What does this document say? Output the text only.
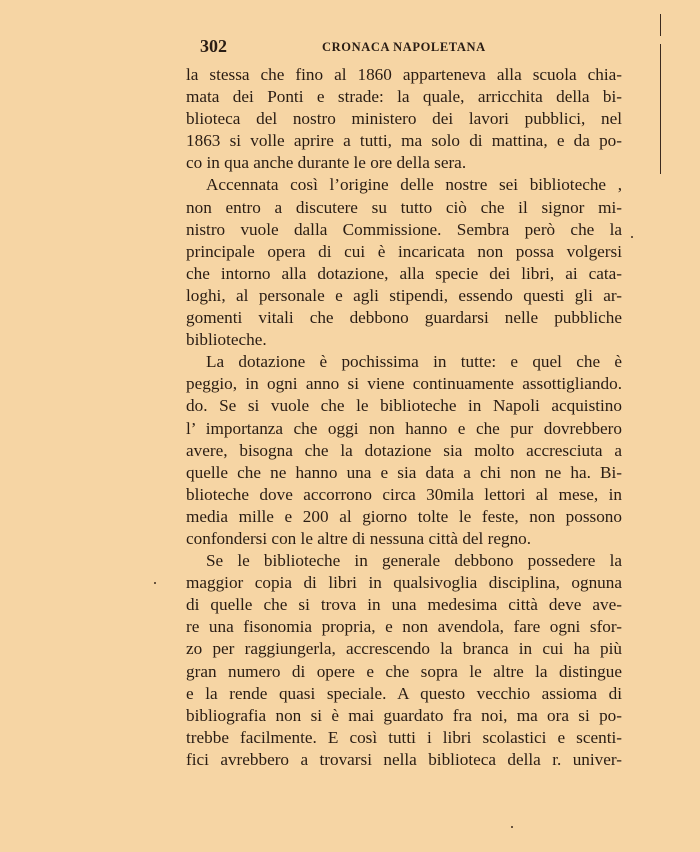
302	CRONACA NAPOLETANA
la stessa che fino al 1860 apparteneva alla scuola chia-
mata dei Ponti e strade: la quale, arricchita della bi-
blioteca del nostro ministero dei lavori pubblici, nel
1863 si volle aprire a tutti, ma solo di mattina, e da po-
co in qua anche durante le ore della sera.
Accennata così l’origine delle nostre sei biblioteche ,
non entro a discutere su tutto ciò che il signor mi-
nistro vuole dalla Commissione. Sembra però che la
principale opera di cui è incaricata non possa volgersi
che intorno alla dotazione, alla specie dei libri, ai cata-
loghi, al personale e agli stipendi, essendo questi gli ar-
gomenti vitali che debbono guardarsi nelle pubbliche
biblioteche.
La dotazione è pochissima in tutte: e quel che è
peggio, in ogni anno si viene continuamente assottigliando.
do. Se si vuole che le biblioteche in Napoli acquistino
l’ importanza che oggi non hanno e che pur dovrebbero
avere, bisogna che la dotazione sia molto accresciuta a
quelle che ne hanno una e sia data a chi non ne ha. Bi-
blioteche dove accorrono circa 30mila lettori al mese, in
media mille e 200 al giorno tolte le feste, non possono
confondersi con le altre di nessuna città del regno.
Se le biblioteche in generale debbono possedere la
maggior copia di libri in qualsivoglia disciplina, ognuna
di quelle che si trova in una medesima città deve ave-
re una fisonomia propria, e non avendola, fare ogni sfor-
zo per raggiungerla, accrescendo la branca in cui ha più
gran numero di opere e che sopra le altre la distingue
e la rende quasi speciale. A questo vecchio assioma di
bibliografia non si è mai guardato fra noi, ma ora si po-
trebbe facilmente. E così tutti i libri scolastici e scenti-
fici avrebbero a trovarsi nella biblioteca della r. univer-
